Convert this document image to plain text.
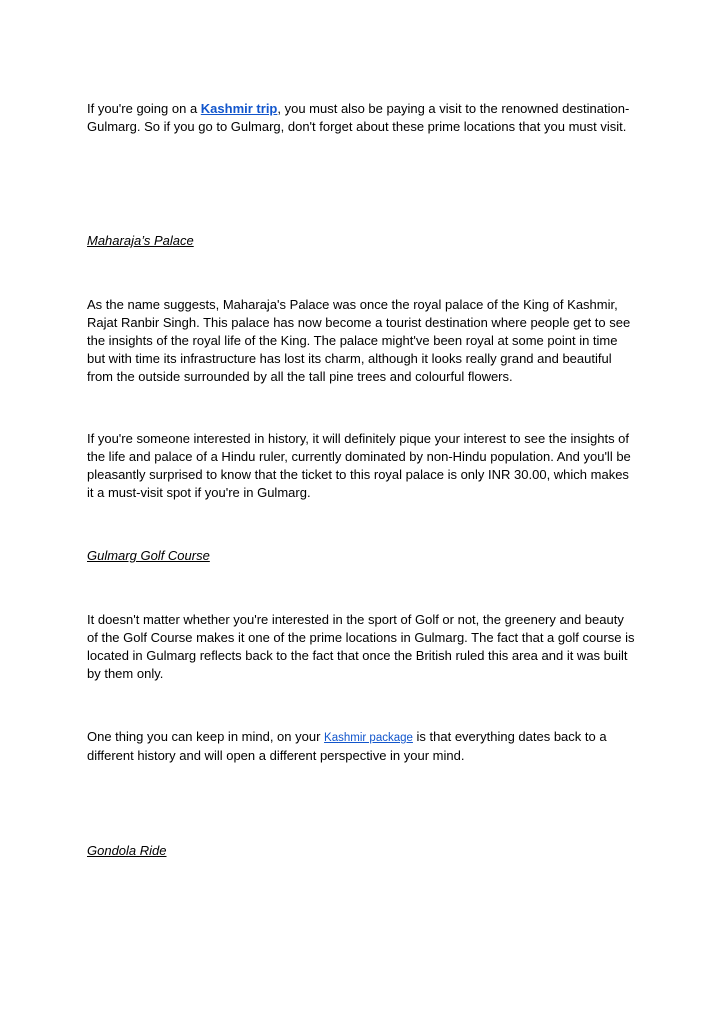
If you're going on a Kashmir trip, you must also be paying a visit to the renowned destination- Gulmarg. So if you go to Gulmarg, don't forget about these prime locations that you must visit.

Maharaja’s Palace

As the name suggests, Maharaja's Palace was once the royal palace of the King of Kashmir, Rajat Ranbir Singh. This palace has now become a tourist destination where people get to see the insights of the royal life of the King. The palace might've been royal at some point in time but with time its infrastructure has lost its charm, although it looks really grand and beautiful from the outside surrounded by all the tall pine trees and colourful flowers.

If you're someone interested in history, it will definitely pique your interest to see the insights of the life and palace of a Hindu ruler, currently dominated by non-Hindu population. And you'll be pleasantly surprised to know that the ticket to this royal palace is only INR 30.00, which makes it a must-visit spot if you're in Gulmarg.

Gulmarg Golf Course

It doesn't matter whether you're interested in the sport of Golf or not, the greenery and beauty of the Golf Course makes it one of the prime locations in Gulmarg. The fact that a golf course is located in Gulmarg reflects back to the fact that once the British ruled this area and it was built by them only.

One thing you can keep in mind, on your Kashmir package is that everything dates back to a different history and will open a different perspective in your mind.

Gondola Ride
